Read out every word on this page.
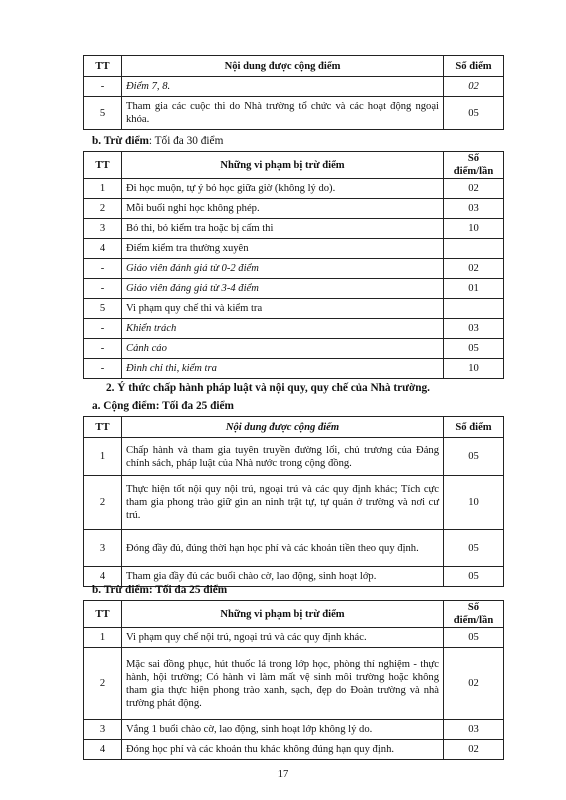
TT	Nội dung được cộng điểm	Số điểm
-	Điểm 7, 8.	02
5	Tham gia các cuộc thi do Nhà trường tổ chức và các hoạt động ngoại khóa.	05
b. Trừ điểm: Tối đa 30 điểm
TT	Những vi phạm bị trừ điểm	Số điểm/lần
1	Đi học muộn, tự ý bỏ học giữa giờ (không lý do).	02
2	Mỗi buổi nghỉ học không phép.	03
3	Bỏ thi, bỏ kiểm tra hoặc bị cấm thi	10
4	Điểm kiểm tra thường xuyên	
-	Giáo viên đánh giá từ 0-2 điểm	02
-	Giáo viên đáng giá từ 3-4 điểm	01
5	Vi phạm quy chế thi và kiểm tra	
-	Khiển trách	03
-	Cảnh cáo	05
-	Đình chỉ thi, kiểm tra	10
2. Ý thức chấp hành pháp luật và nội quy, quy chế của Nhà trường.
a. Cộng điểm: Tối đa 25 điểm
TT	Nội dung được cộng điểm	Số điểm
1	Chấp hành và tham gia tuyên truyền đường lối, chủ trương của Đảng chính sách, pháp luật của Nhà nước trong cộng đồng.	05
2	Thực hiện tốt nội quy nội trú, ngoại trú và các quy định khác; Tích cực tham gia phong trào giữ gìn an ninh trật tự, tự quản ở trường và nơi cư trú.	10
3	Đóng đầy đủ, đúng thời hạn học phí và các khoản tiền theo quy định.	05
4	Tham gia đầy đủ các buổi chào cờ, lao động, sinh hoạt lớp.	05
b. Trừ điểm: Tối đa 25 điểm
TT	Những vi phạm bị trừ điểm	Số điểm/lần
1	Vi phạm quy chế nội trú, ngoại trú và các quy định khác.	05
2	Mặc sai đồng phục, hút thuốc lá trong lớp học, phòng thí nghiệm - thực hành, hội trường; Có hành vi làm mất vệ sinh môi trường hoặc không tham gia thực hiện phong trào xanh, sạch, đẹp do Đoàn trường và nhà trường phát động.	02
3	Vắng 1 buổi chào cờ, lao động, sinh hoạt lớp không lý do.	03
4	Đóng học phí và các khoản thu khác không đúng hạn quy định.	02
17
